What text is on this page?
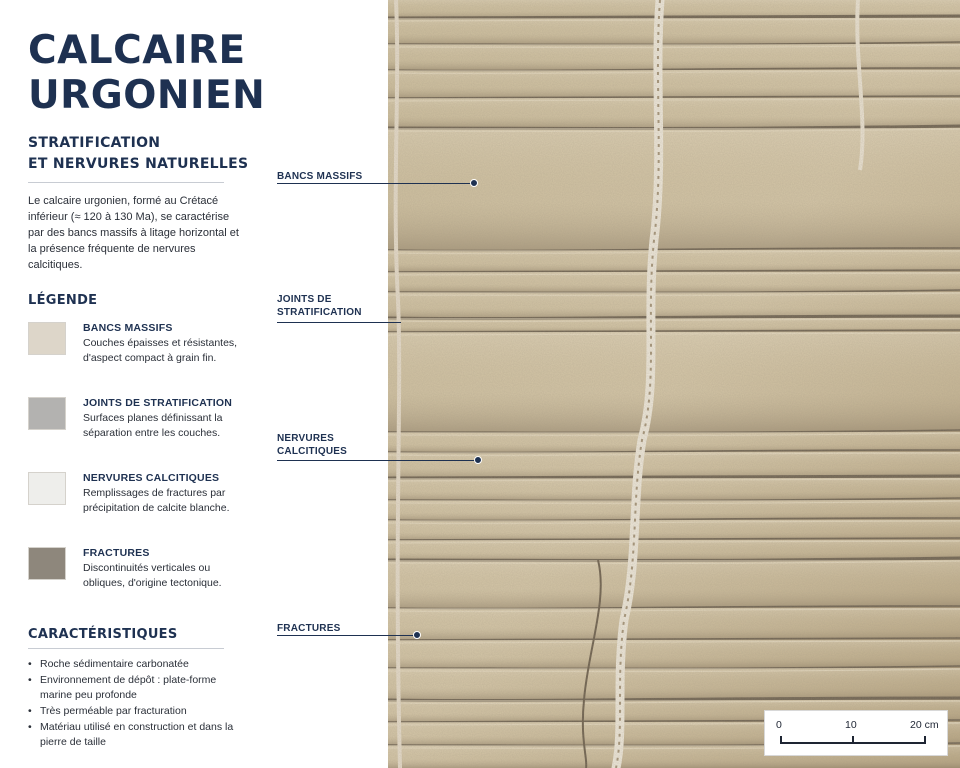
CALCAIRE
URGONIEN
STRATIFICATION
ET NERVURES NATURELLES

Le calcaire urgonien, formé au Crétacé inférieur (≈ 120 à 130 Ma), se caractérise par des bancs massifs à litage horizontal et la présence fréquente de nervures calcitiques.

LÉGENDE
BANCS MASSIFS
Couches épaisses et résistantes, d'aspect compact à grain fin.
JOINTS DE STRATIFICATION
Surfaces planes définissant la séparation entre les couches.
NERVURES CALCITIQUES
Remplissages de fractures par précipitation de calcite blanche.
FRACTURES
Discontinuités verticales ou obliques, d'origine tectonique.
CARACTÉRISTIQUES
• Roche sédimentaire carbonatée
• Environnement de dépôt : plate-forme marine peu profonde
• Très perméable par fracturation
• Matériau utilisé en construction et dans la pierre de taille
BANCS MASSIFS
JOINTS DE
STRATIFICATION
NERVURES
CALCITIQUES
FRACTURES
0	10	20 cm
